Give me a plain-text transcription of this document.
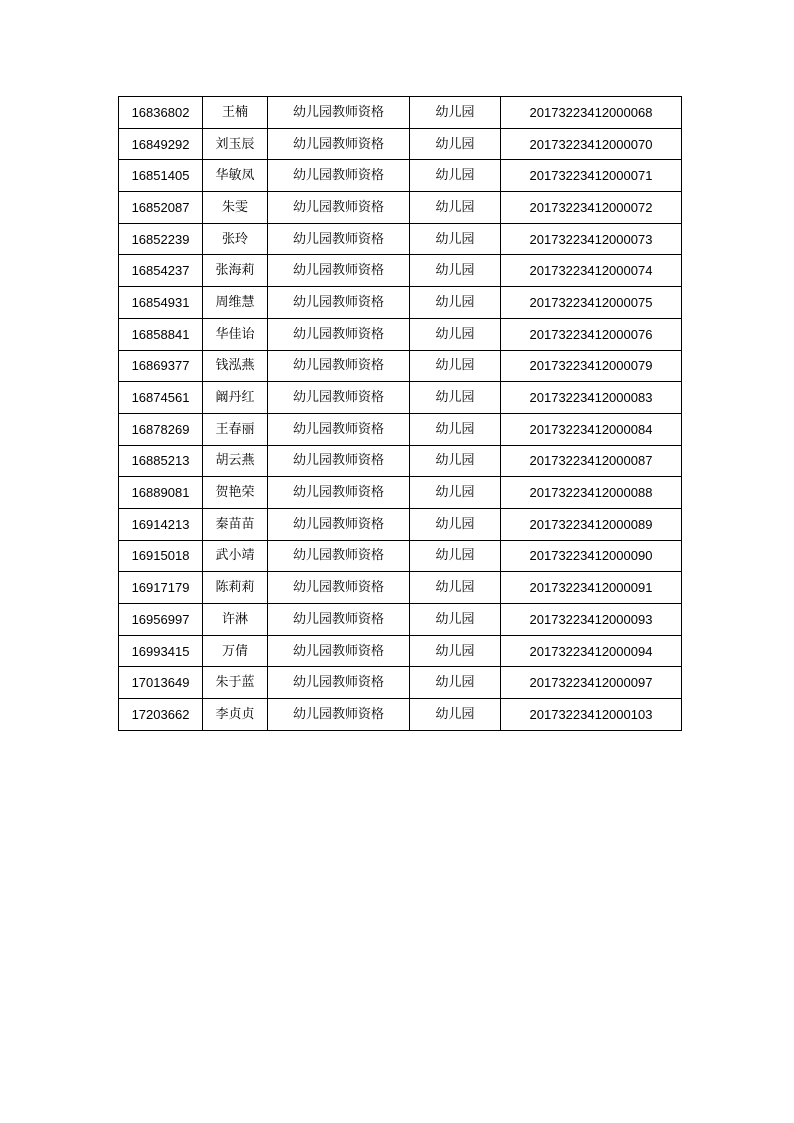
16836802	王楠	幼儿园教师资格	幼儿园	20173223412000068
16849292	刘玉辰	幼儿园教师资格	幼儿园	20173223412000070
16851405	华敏凤	幼儿园教师资格	幼儿园	20173223412000071
16852087	朱雯	幼儿园教师资格	幼儿园	20173223412000072
16852239	张玲	幼儿园教师资格	幼儿园	20173223412000073
16854237	张海莉	幼儿园教师资格	幼儿园	20173223412000074
16854931	周维慧	幼儿园教师资格	幼儿园	20173223412000075
16858841	华佳诒	幼儿园教师资格	幼儿园	20173223412000076
16869377	钱泓燕	幼儿园教师资格	幼儿园	20173223412000079
16874561	阚丹红	幼儿园教师资格	幼儿园	20173223412000083
16878269	王春丽	幼儿园教师资格	幼儿园	20173223412000084
16885213	胡云燕	幼儿园教师资格	幼儿园	20173223412000087
16889081	贺艳荣	幼儿园教师资格	幼儿园	20173223412000088
16914213	秦苗苗	幼儿园教师资格	幼儿园	20173223412000089
16915018	武小靖	幼儿园教师资格	幼儿园	20173223412000090
16917179	陈莉莉	幼儿园教师资格	幼儿园	20173223412000091
16956997	许淋	幼儿园教师资格	幼儿园	20173223412000093
16993415	万倩	幼儿园教师资格	幼儿园	20173223412000094
17013649	朱于蓝	幼儿园教师资格	幼儿园	20173223412000097
17203662	李贞贞	幼儿园教师资格	幼儿园	20173223412000103
